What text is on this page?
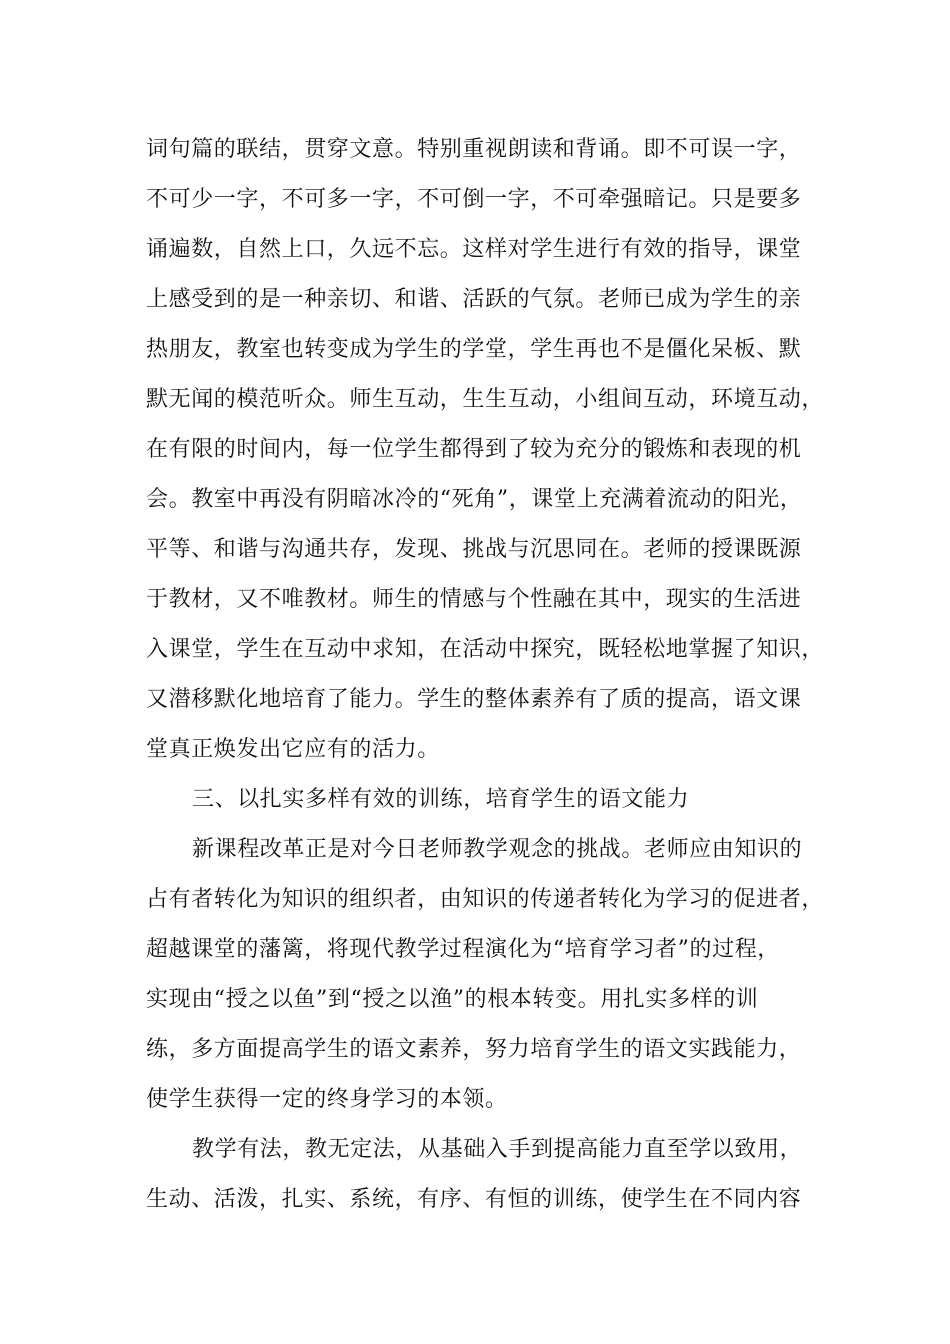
词句篇的联结，贯穿文意。特别重视朗读和背诵。即不可误一字，
不可少一字，不可多一字，不可倒一字，不可牵强暗记。只是要多
诵遍数，自然上口，久远不忘。这样对学生进行有效的指导，课堂
上感受到的是一种亲切、和谐、活跃的气氛。老师已成为学生的亲
热朋友，教室也转变成为学生的学堂，学生再也不是僵化呆板、默
默无闻的模范听众。师生互动，生生互动，小组间互动，环境互动，
在有限的时间内，每一位学生都得到了较为充分的锻炼和表现的机
会。教室中再没有阴暗冰冷的“死角”，课堂上充满着流动的阳光，
平等、和谐与沟通共存，发现、挑战与沉思同在。老师的授课既源
于教材，又不唯教材。师生的情感与个性融在其中，现实的生活进
入课堂，学生在互动中求知，在活动中探究，既轻松地掌握了知识，
又潜移默化地培育了能力。学生的整体素养有了质的提高，语文课
堂真正焕发出它应有的活力。
三、以扎实多样有效的训练，培育学生的语文能力
新课程改革正是对今日老师教学观念的挑战。老师应由知识的
占有者转化为知识的组织者，由知识的传递者转化为学习的促进者，
超越课堂的藩篱，将现代教学过程演化为“培育学习者”的过程，
实现由“授之以鱼”到“授之以渔”的根本转变。用扎实多样的训
练，多方面提高学生的语文素养，努力培育学生的语文实践能力，
使学生获得一定的终身学习的本领。
教学有法，教无定法，从基础入手到提高能力直至学以致用，
生动、活泼，扎实、系统，有序、有恒的训练，使学生在不同内容
